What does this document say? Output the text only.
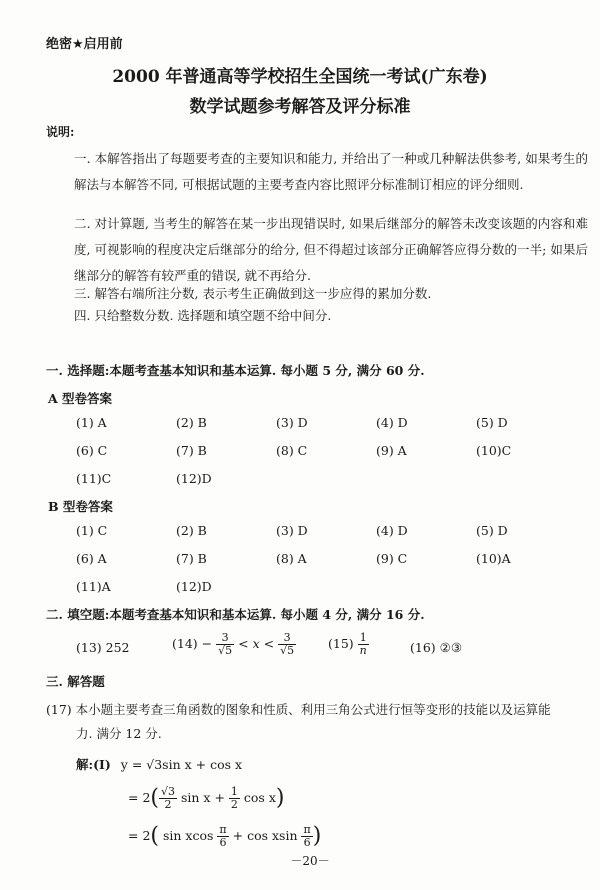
绝密★启用前
2000 年普通高等学校招生全国统一考试(广东卷)
数学试题参考解答及评分标准
说明:
一. 本解答指出了每题要考查的主要知识和能力, 并给出了一种或几种解法供参考, 如果考生的解法与本解答不同, 可根据试题的主要考查内容比照评分标准制订相应的评分细则.
二. 对计算题, 当考生的解答在某一步出现错误时, 如果后继部分的解答未改变该题的内容和难度, 可视影响的程度决定后继部分的给分, 但不得超过该部分正确解答应得分数的一半; 如果后继部分的解答有较严重的错误, 就不再给分.
三. 解答右端所注分数, 表示考生正确做到这一步应得的累加分数.
四. 只给整数分数. 选择题和填空题不给中间分.
一. 选择题:本题考查基本知识和基本运算. 每小题 5 分, 满分 60 分.
A 型卷答案
(1) A	(2) B	(3) D	(4) D	(5) D
(6) C	(7) B	(8) C	(9) A	(10)C
(11)C	(12)D
B 型卷答案
(1) C	(2) B	(3) D	(4) D	(5) D
(6) A	(7) B	(8) A	(9) C	(10)A
(11)A	(12)D
二. 填空题:本题考查基本知识和基本运算. 每小题 4 分, 满分 16 分.
(13) 252	$(14) - \frac{3}{√5} < x < \frac{3}{√5}$	$(15) \frac{1}{n}$	(16) ②③
三. 解答题
(17) 本小题主要考查三角函数的图象和性质、利用三角公式进行恒等变形的技能以及运算能
力. 满分 12 分.
解:(Ⅰ) y = √3sin x + cos x
= $2( \frac{√3}{2}$ $\sin x + \frac{1}{2}$ cos x)
= 2( sin xcos $\frac{\pi}{6} + \cos xsin \frac{\pi}{6}$ )
－20－
